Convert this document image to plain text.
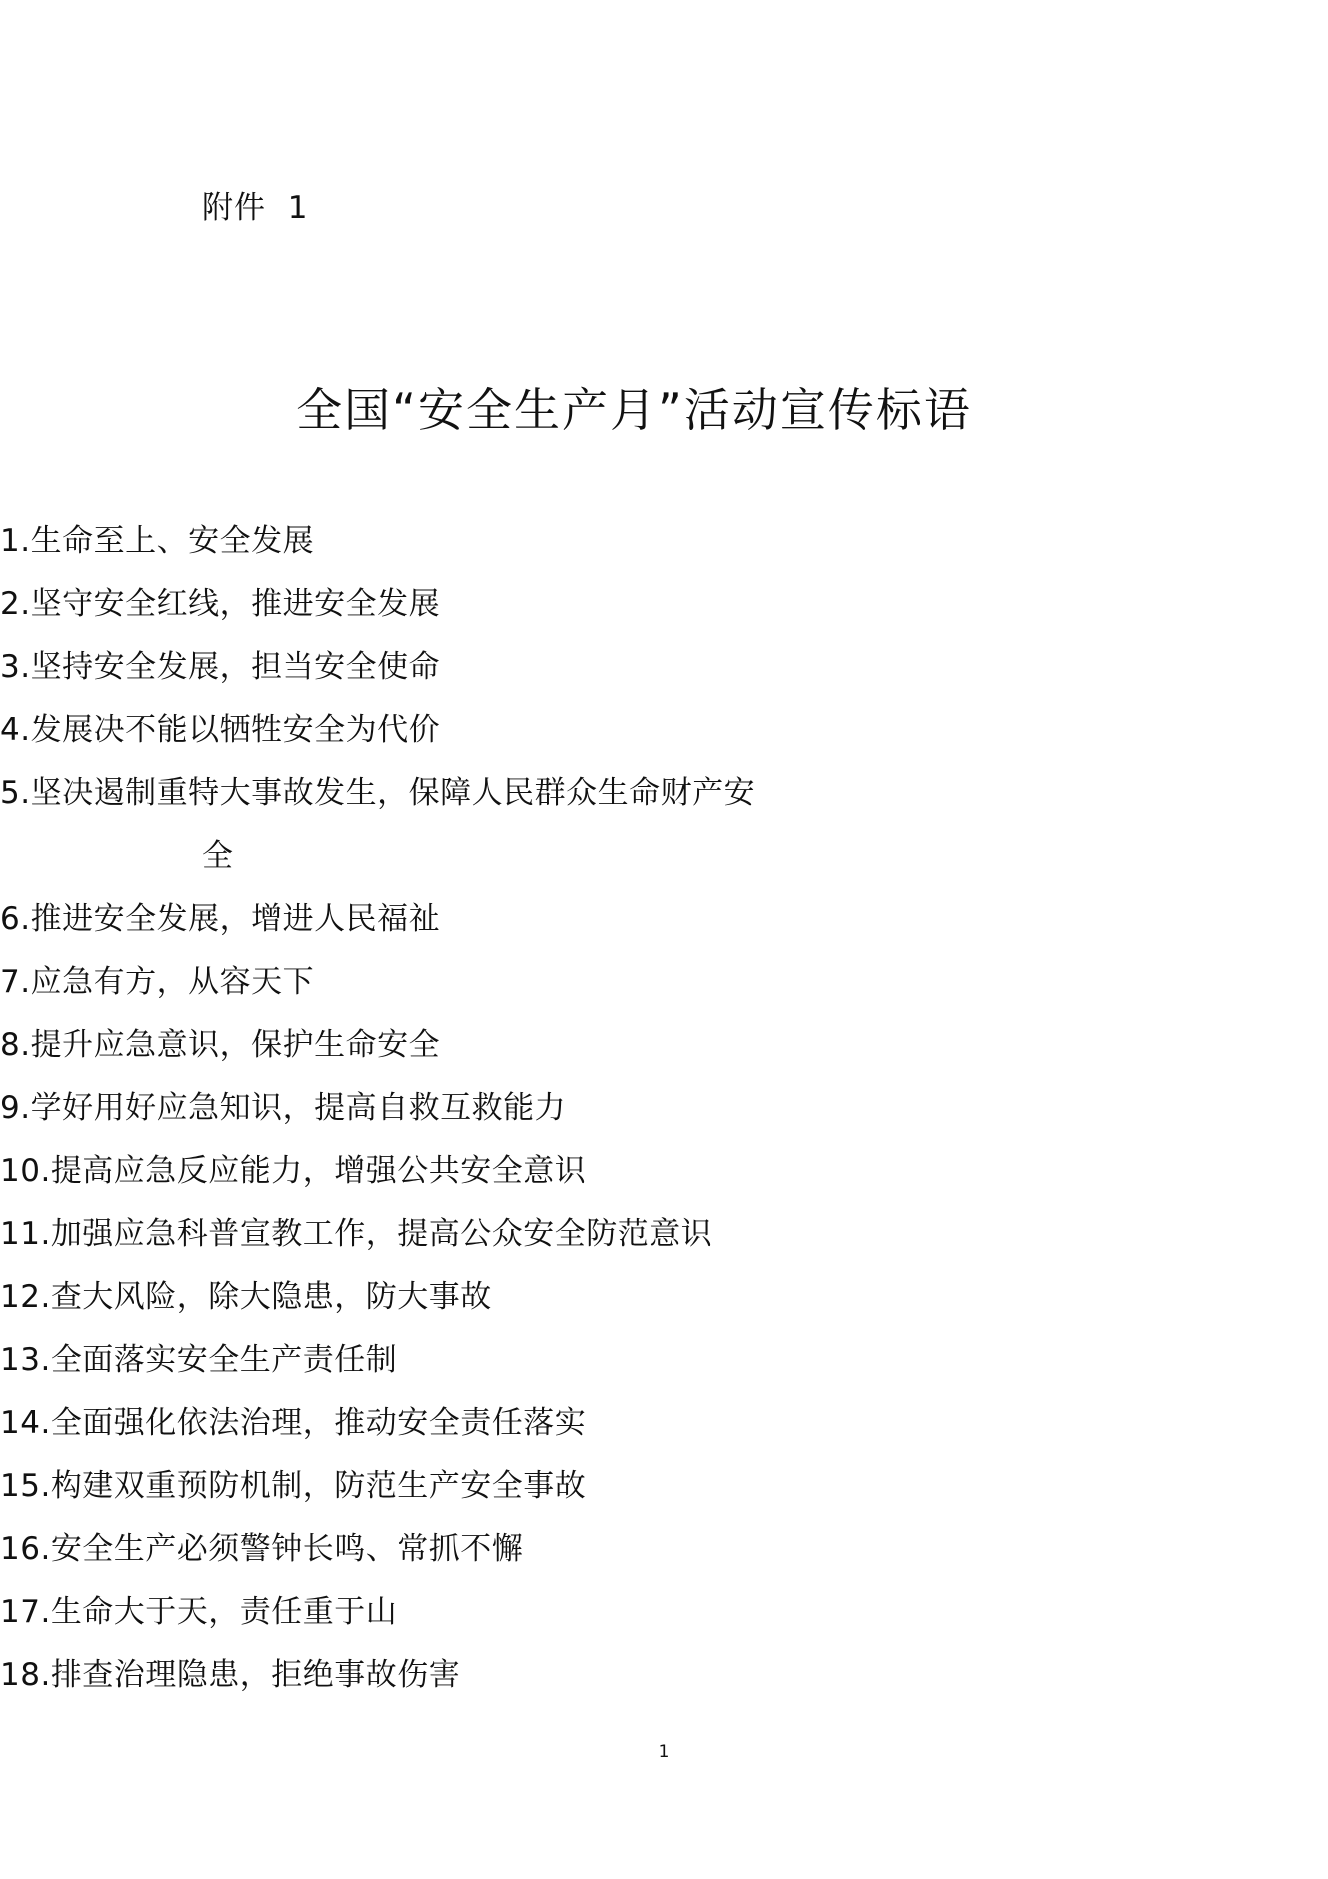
附件  1
全国“安全生产月”活动宣传标语
1.生命至上、安全发展
2.坚守安全红线，推进安全发展
3.坚持安全发展，担当安全使命
4.发展决不能以牺牲安全为代价
5.坚决遏制重特大事故发生，保障人民群众生命财产安
全
6.推进安全发展，增进人民福祉
7.应急有方，从容天下
8.提升应急意识，保护生命安全
9.学好用好应急知识，提高自救互救能力
10.提高应急反应能力，增强公共安全意识
11.加强应急科普宣教工作，提高公众安全防范意识
12.查大风险，除大隐患，防大事故
13.全面落实安全生产责任制
14.全面强化依法治理，推动安全责任落实
15.构建双重预防机制，防范生产安全事故
16.安全生产必须警钟长鸣、常抓不懈
17.生命大于天，责任重于山
18.排查治理隐患，拒绝事故伤害
1
